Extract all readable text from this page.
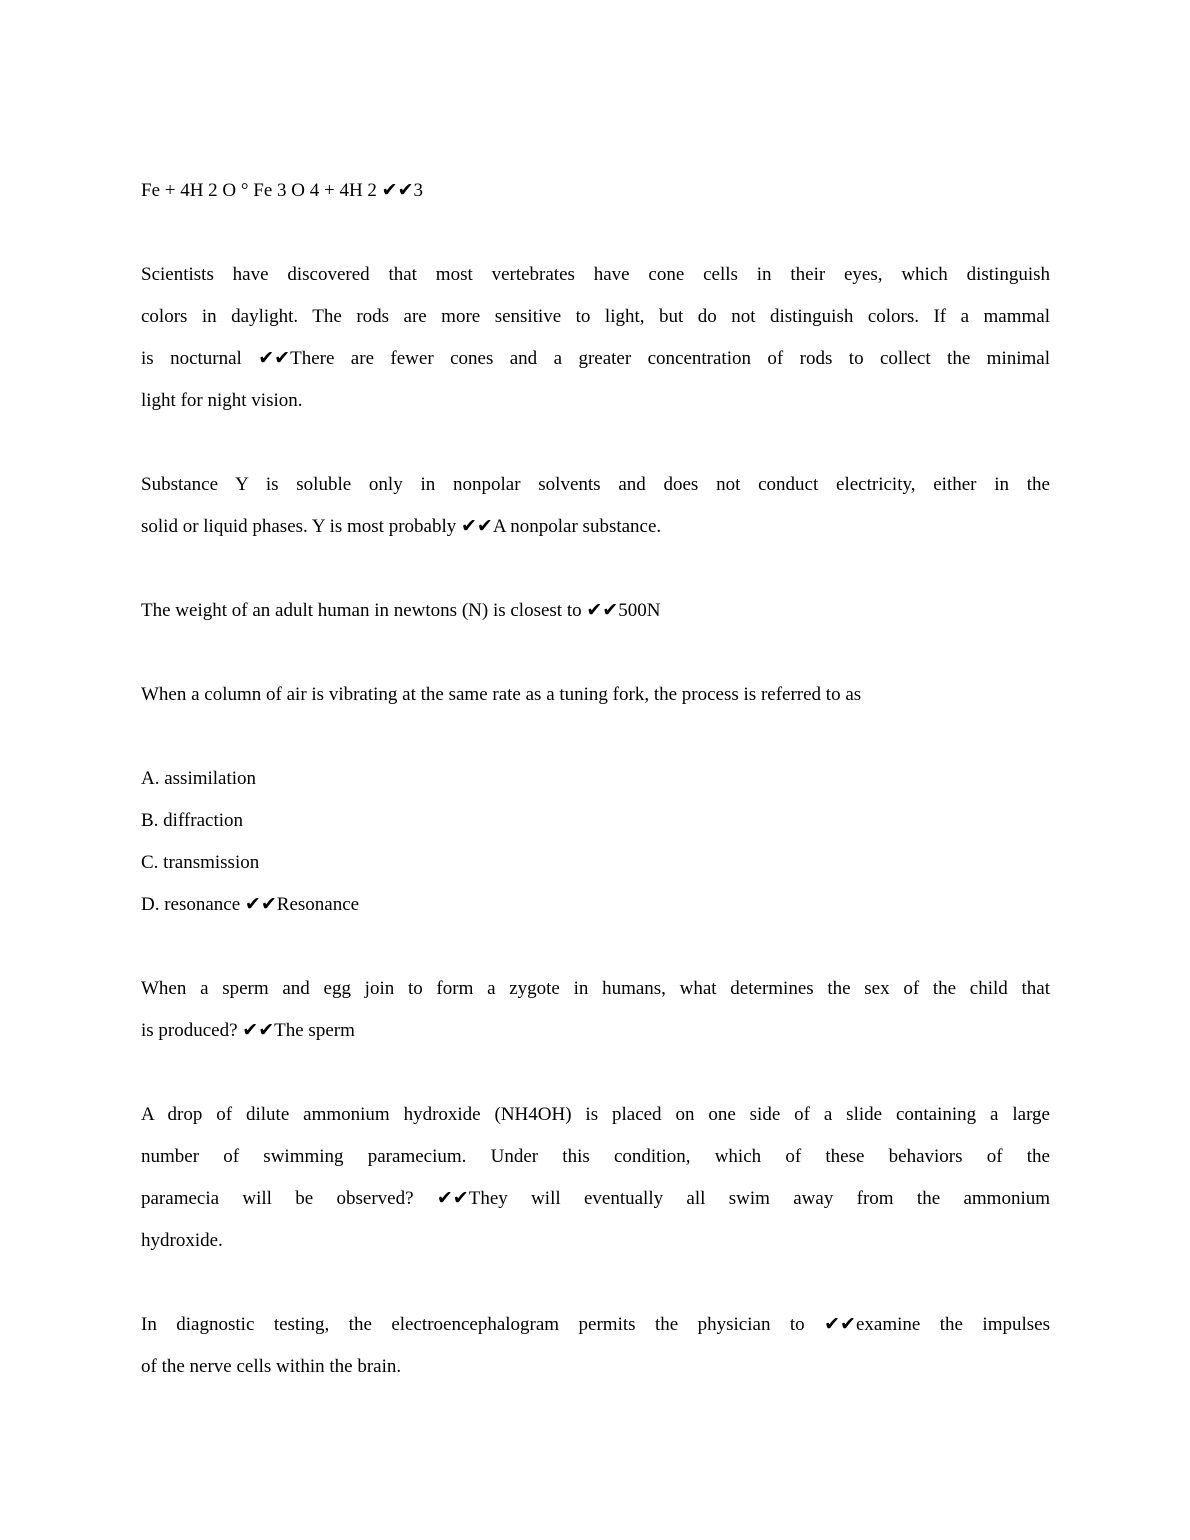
Fe + 4H 2 O ° Fe 3 O 4 + 4H 2 ✔✔3
Scientists have discovered that most vertebrates have cone cells in their eyes, which distinguish
colors in daylight. The rods are more sensitive to light, but do not distinguish colors. If a mammal
is nocturnal ✔✔There are fewer cones and a greater concentration of rods to collect the minimal
light for night vision.
Substance Y is soluble only in nonpolar solvents and does not conduct electricity, either in the
solid or liquid phases. Y is most probably ✔✔A nonpolar substance.
The weight of an adult human in newtons (N) is closest to ✔✔500N
When a column of air is vibrating at the same rate as a tuning fork, the process is referred to as
A. assimilation
B. diffraction
C. transmission
D. resonance ✔✔Resonance
When a sperm and egg join to form a zygote in humans, what determines the sex of the child that
is produced? ✔✔The sperm
A drop of dilute ammonium hydroxide (NH4OH) is placed on one side of a slide containing a large
number of swimming paramecium. Under this condition, which of these behaviors of the
paramecia will be observed? ✔✔They will eventually all swim away from the ammonium
hydroxide.
In diagnostic testing, the electroencephalogram permits the physician to ✔✔examine the impulses
of the nerve cells within the brain.
